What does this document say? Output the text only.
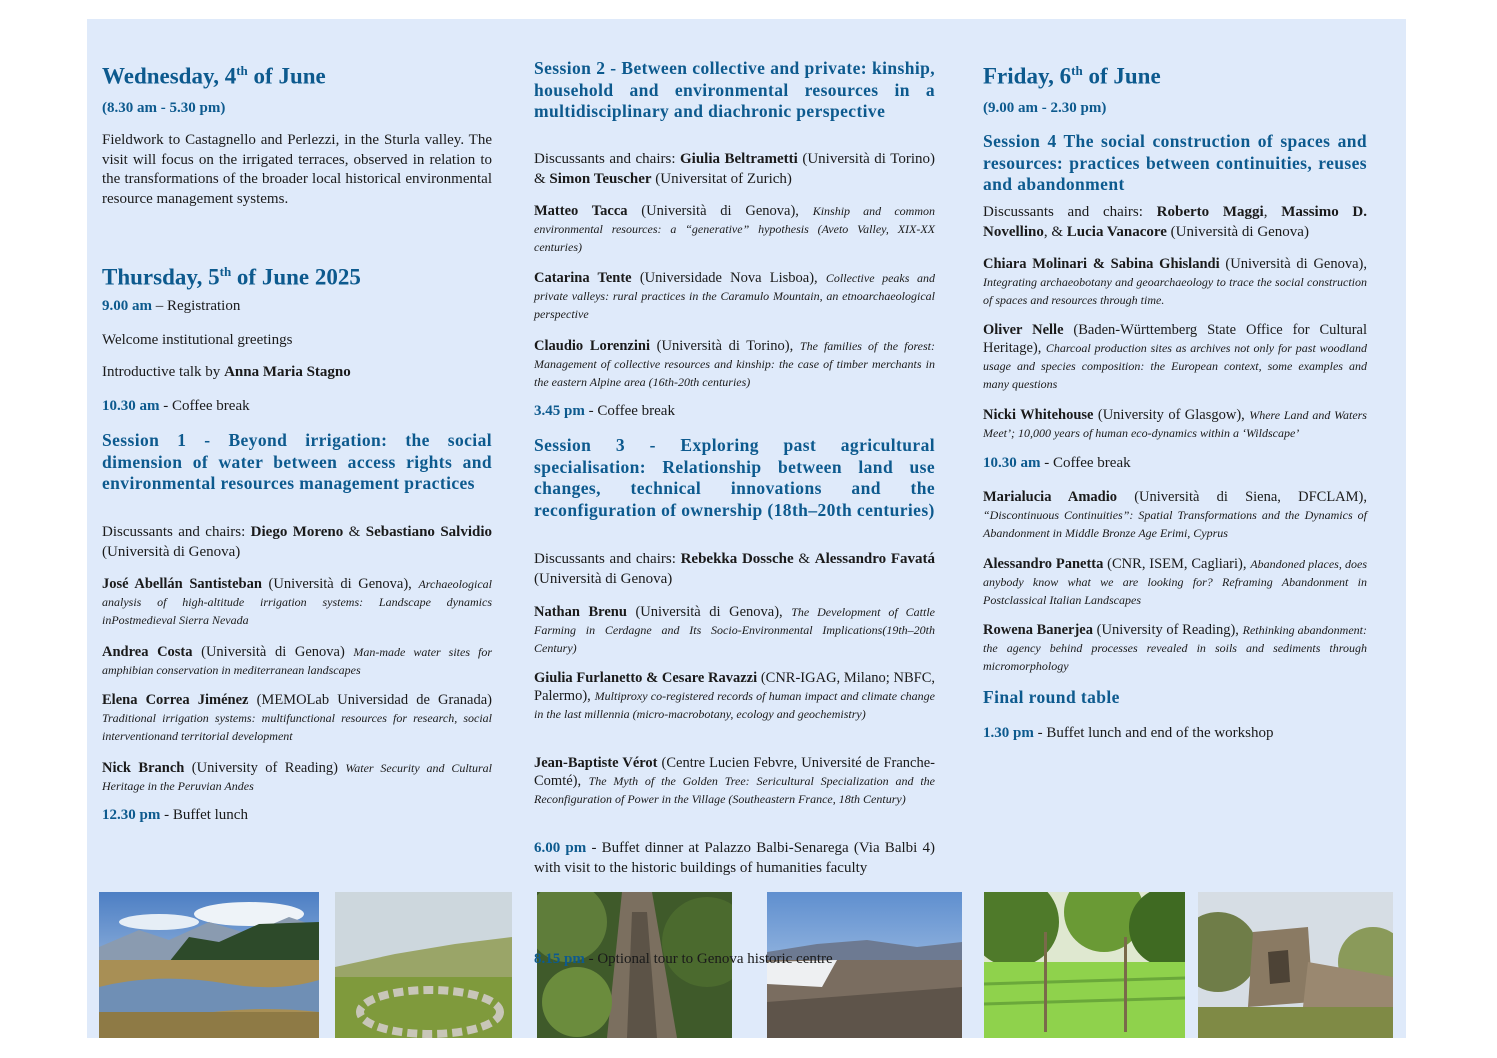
Wednesday, 4th of June

(8.30 am - 5.30 pm)

Fieldwork to Castagnello and Perlezzi, in the Sturla valley. The visit will focus on the irrigated terraces, observed in relation to the transformations of the broader local historical environmental resource management systems.

Thursday, 5th of June 2025

9.00 am – Registration

Welcome institutional greetings

Introductive talk by Anna Maria Stagno

10.30 am - Coffee break

Session 1 - Beyond irrigation: the social dimension of water between access rights and environmental resources management practices

Discussants and chairs: Diego Moreno & Sebastiano Salvidio (Università di Genova)

José Abellán Santisteban (Università di Genova), Archaeological analysis of high-altitude irrigation systems: Landscape dynamics inPostmedieval Sierra Nevada

Andrea Costa (Università di Genova) Man-made water sites for amphibian conservation in mediterranean landscapes

Elena Correa Jiménez (MEMOLab Universidad de Granada) Traditional irrigation systems: multifunctional resources for research, social interventionand territorial development

Nick Branch (University of Reading) Water Security and Cultural Heritage in the Peruvian Andes

12.30 pm - Buffet lunch

Session 2 - Between collective and private: kinship, household and environmental resources in a multidisciplinary and diachronic perspective

Discussants and chairs: Giulia Beltrametti (Università di Torino) & Simon Teuscher (Universitat of Zurich)

Matteo Tacca (Università di Genova), Kinship and common environmental resources: a “generative” hypothesis (Aveto Valley, XIX-XX centuries)

Catarina Tente (Universidade Nova Lisboa), Collective peaks and private valleys: rural practices in the Caramulo Mountain, an etnoarchaeological perspective

Claudio Lorenzini (Università di Torino), The families of the forest: Management of collective resources and kinship: the case of timber merchants in the eastern Alpine area (16th-20th centuries)

3.45 pm - Coffee break

Session 3 - Exploring past agricultural specialisation: Relationship between land use changes, technical innovations and the reconfiguration of ownership (18th–20th centuries)

Discussants and chairs: Rebekka Dossche & Alessandro Favatá (Università di Genova)

Nathan Brenu (Università di Genova), The Development of Cattle Farming in Cerdagne and Its Socio-Environmental Implications(19th–20th Century)

Giulia Furlanetto & Cesare Ravazzi (CNR-IGAG, Milano; NBFC, Palermo), Multiproxy co-registered records of human impact and climate change in the last millennia (micro-macrobotany, ecology and geochemistry)

Jean-Baptiste Vérot (Centre Lucien Febvre, Université de Franche-Comté), The Myth of the Golden Tree: Sericultural Specialization and the Reconfiguration of Power in the Village (Southeastern France, 18th Century)

6.00 pm - Buffet dinner at Palazzo Balbi-Senarega (Via Balbi 4) with visit to the historic buildings of humanities faculty

8.15 pm - Optional tour to Genova historic centre

Friday, 6th of June

(9.00 am - 2.30 pm)

Session 4 The social construction of spaces and resources: practices between continuities, reuses and abandonment

Discussants and chairs: Roberto Maggi, Massimo D. Novellino, & Lucia Vanacore (Università di Genova)

Chiara Molinari & Sabina Ghislandi (Università di Genova), Integrating archaeobotany and geoarchaeology to trace the social construction of spaces and resources through time.

Oliver Nelle (Baden-Württemberg State Office for Cultural Heritage), Charcoal production sites as archives not only for past woodland usage and species composition: the European context, some examples and many questions

Nicki Whitehouse (University of Glasgow), Where Land and Waters Meet’; 10,000 years of human eco-dynamics within a ‘Wildscape’

10.30 am - Coffee break

Marialucia Amadio (Università di Siena, DFCLAM), “Discontinuous Continuities”: Spatial Transformations and the Dynamics of Abandonment in Middle Bronze Age Erimi, Cyprus

Alessandro Panetta (CNR, ISEM, Cagliari), Abandoned places, does anybody know what we are looking for? Reframing Abandonment in Postclassical Italian Landscapes

Rowena Banerjea (University of Reading), Rethinking abandonment: the agency behind processes revealed in soils and sediments through micromorphology

Final round table

1.30 pm - Buffet lunch and end of the workshop
